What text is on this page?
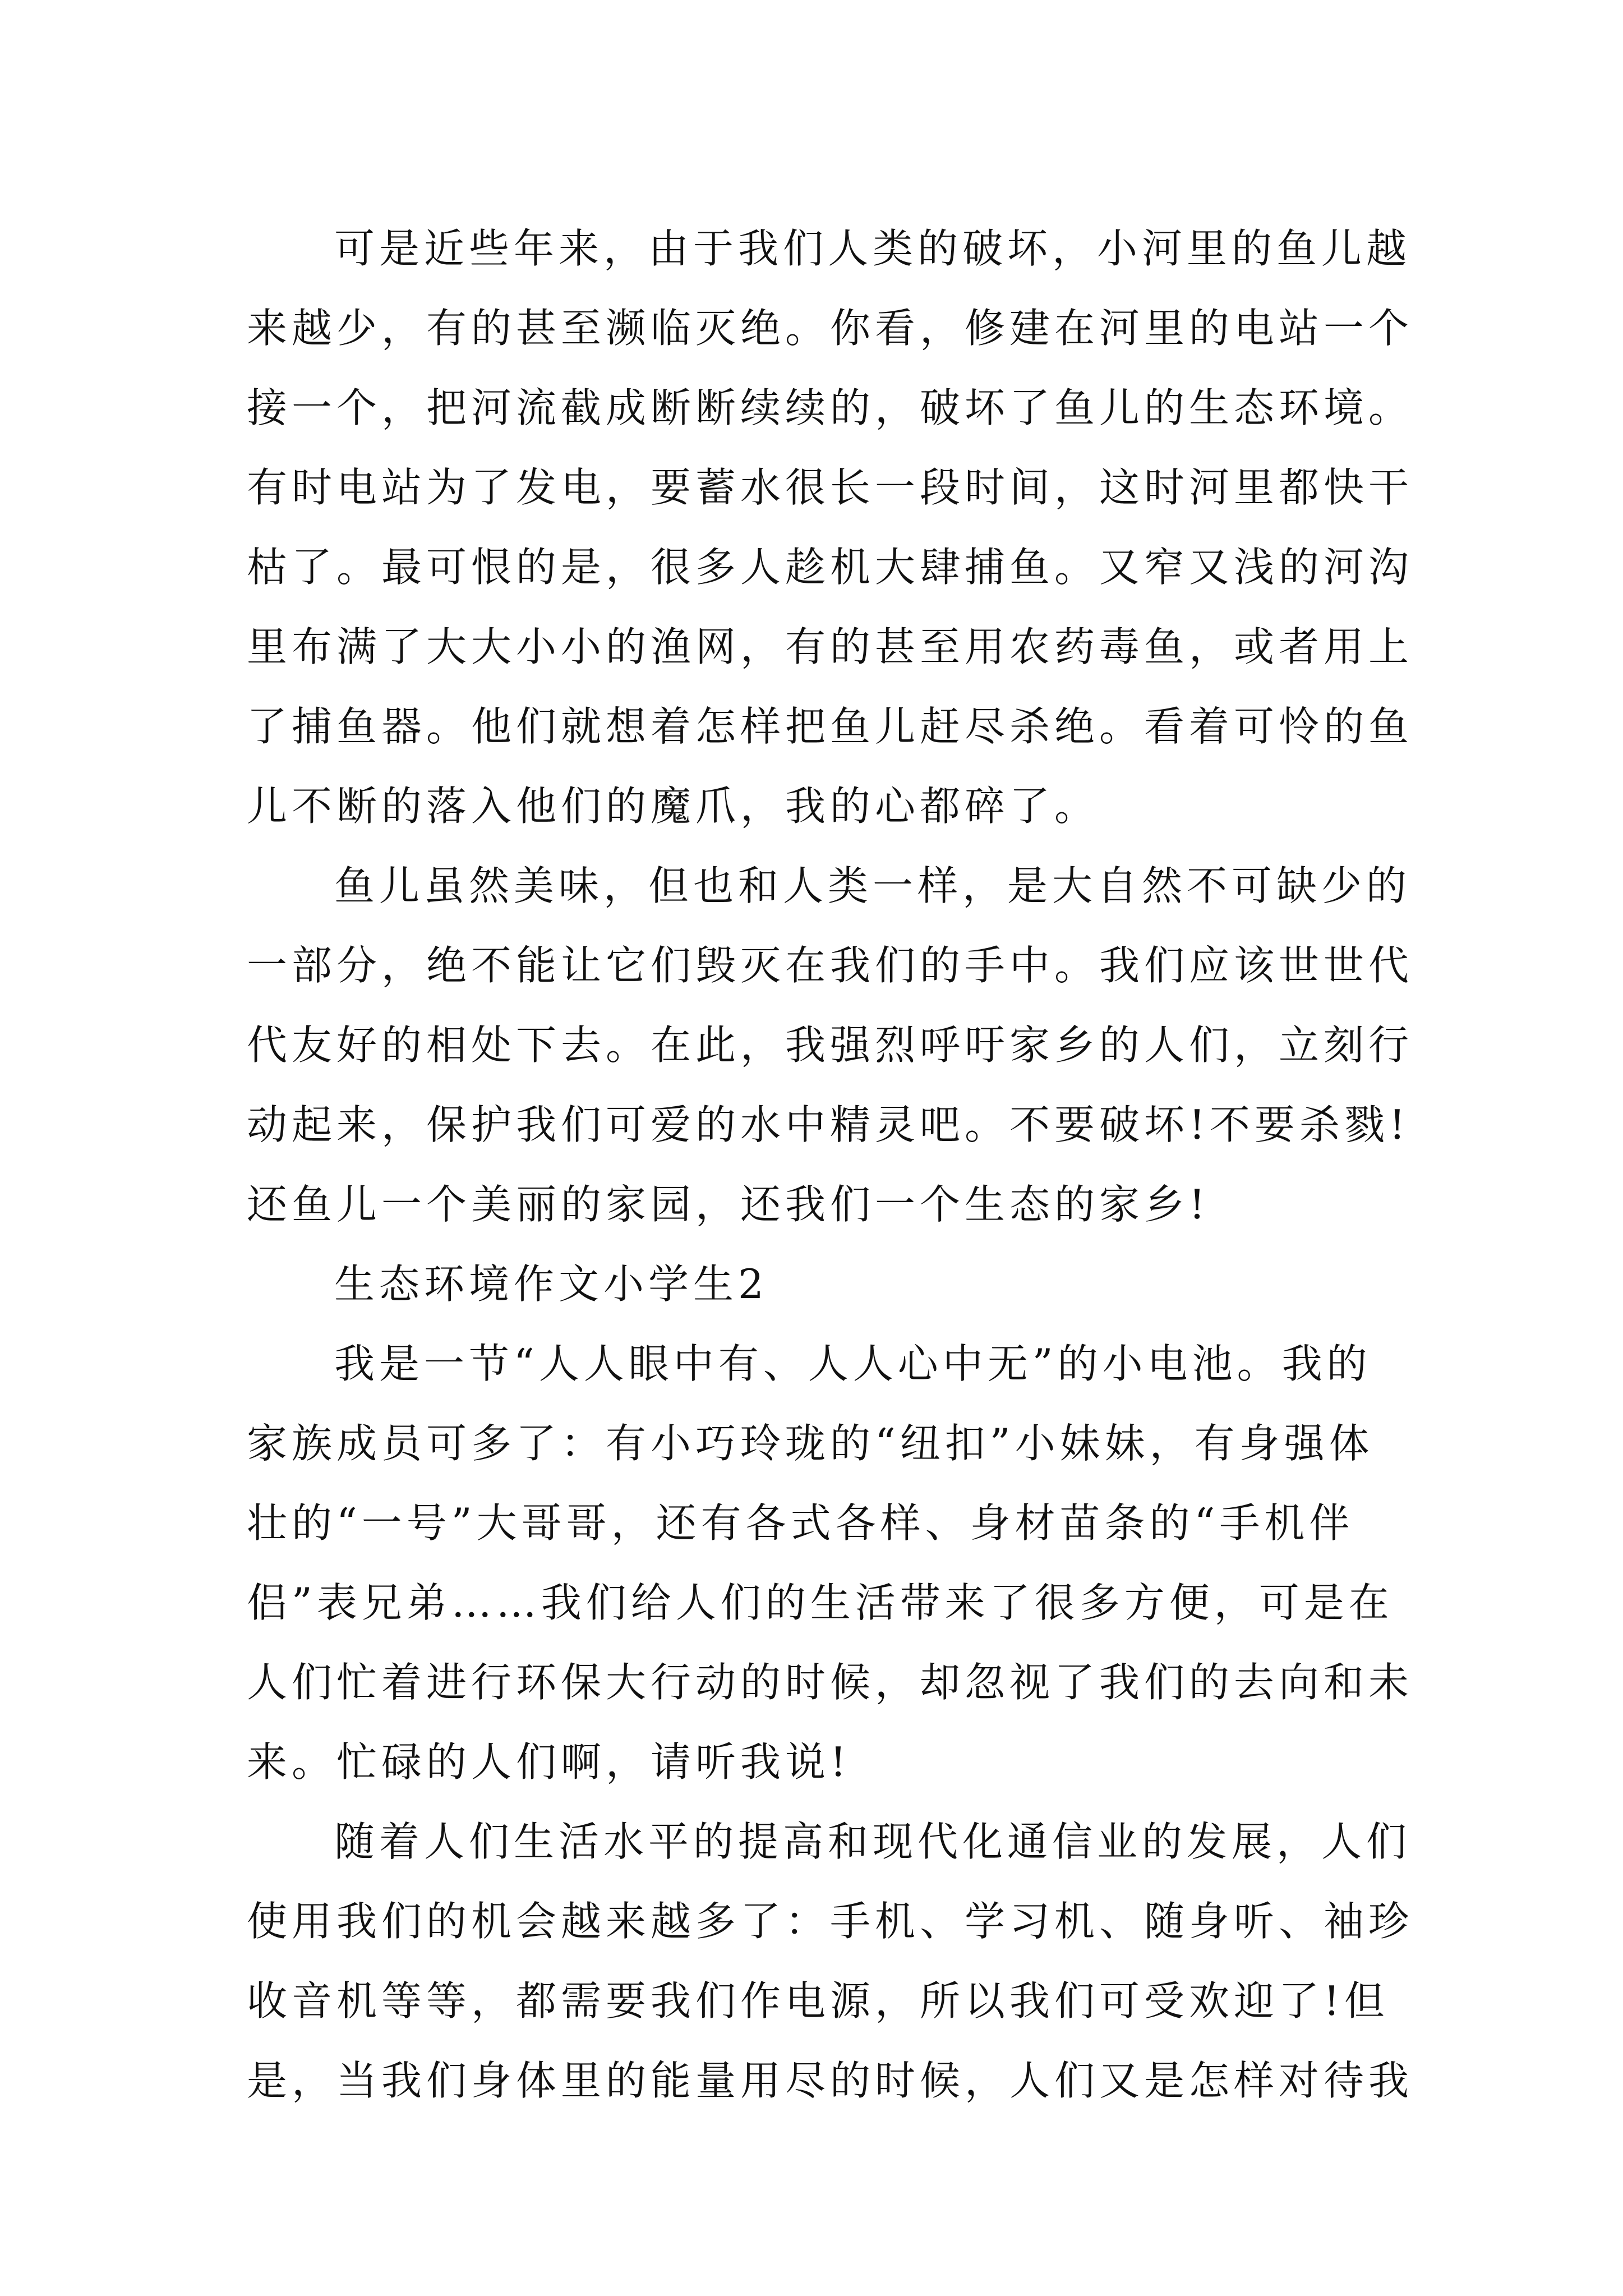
可是近些年来，由于我们人类的破坏，小河里的鱼儿越
来越少，有的甚至濒临灭绝。你看，修建在河里的电站一个
接一个，把河流截成断断续续的，破坏了鱼儿的生态环境。
有时电站为了发电，要蓄水很长一段时间，这时河里都快干
枯了。最可恨的是，很多人趁机大肆捕鱼。又窄又浅的河沟
里布满了大大小小的渔网，有的甚至用农药毒鱼，或者用上
了捕鱼器。他们就想着怎样把鱼儿赶尽杀绝。看着可怜的鱼
儿不断的落入他们的魔爪，我的心都碎了。
鱼儿虽然美味，但也和人类一样，是大自然不可缺少的
一部分，绝不能让它们毁灭在我们的手中。我们应该世世代
代友好的相处下去。在此，我强烈呼吁家乡的人们，立刻行
动起来，保护我们可爱的水中精灵吧。不要破坏!不要杀戮!
还鱼儿一个美丽的家园，还我们一个生态的家乡!
生态环境作文小学生2
我是一节“人人眼中有、人人心中无”的小电池。我的
家族成员可多了：有小巧玲珑的“纽扣”小妹妹，有身强体
壮的“一号”大哥哥，还有各式各样、身材苗条的“手机伴
侣”表兄弟……我们给人们的生活带来了很多方便，可是在
人们忙着进行环保大行动的时候，却忽视了我们的去向和未
来。忙碌的人们啊，请听我说!
随着人们生活水平的提高和现代化通信业的发展，人们
使用我们的机会越来越多了：手机、学习机、随身听、袖珍
收音机等等，都需要我们作电源，所以我们可受欢迎了!但
是，当我们身体里的能量用尽的时候，人们又是怎样对待我
